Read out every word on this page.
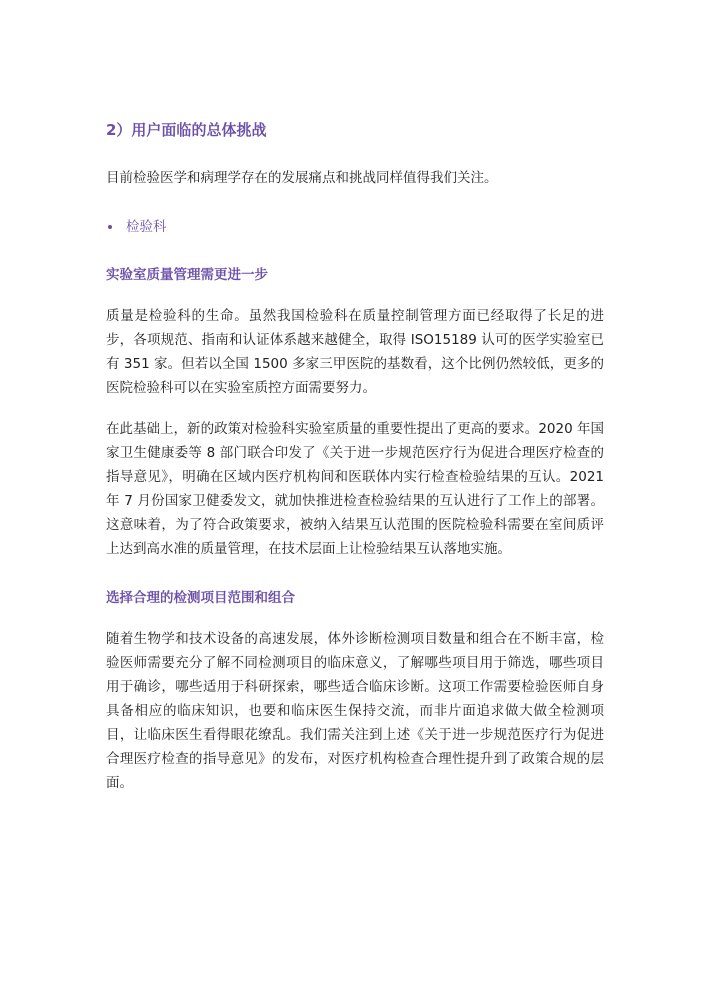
2）用户面临的总体挑战

目前检验医学和病理学存在的发展痛点和挑战同样值得我们关注。

检验科
实验室质量管理需更进一步

质量是检验科的生命。虽然我国检验科在质量控制管理方面已经取得了长足的进步，各项规范、指南和认证体系越来越健全，取得 ISO15189 认可的医学实验室已有 351 家。但若以全国 1500 多家三甲医院的基数看，这个比例仍然较低，更多的医院检验科可以在实验室质控方面需要努力。

在此基础上，新的政策对检验科实验室质量的重要性提出了更高的要求。2020 年国家卫生健康委等 8 部门联合印发了《关于进一步规范医疗行为促进合理医疗检查的指导意见》，明确在区域内医疗机构间和医联体内实行检查检验结果的互认。2021 年 7 月份国家卫健委发文，就加快推进检查检验结果的互认进行了工作上的部署。这意味着，为了符合政策要求，被纳入结果互认范围的医院检验科需要在室间质评上达到高水准的质量管理，在技术层面上让检验结果互认落地实施。

选择合理的检测项目范围和组合

随着生物学和技术设备的高速发展，体外诊断检测项目数量和组合在不断丰富，检验医师需要充分了解不同检测项目的临床意义，了解哪些项目用于筛选，哪些项目用于确诊，哪些适用于科研探索，哪些适合临床诊断。这项工作需要检验医师自身具备相应的临床知识，也要和临床医生保持交流，而非片面追求做大做全检测项目，让临床医生看得眼花缭乱。我们需关注到上述《关于进一步规范医疗行为促进合理医疗检查的指导意见》的发布，对医疗机构检查合理性提升到了政策合规的层面。
